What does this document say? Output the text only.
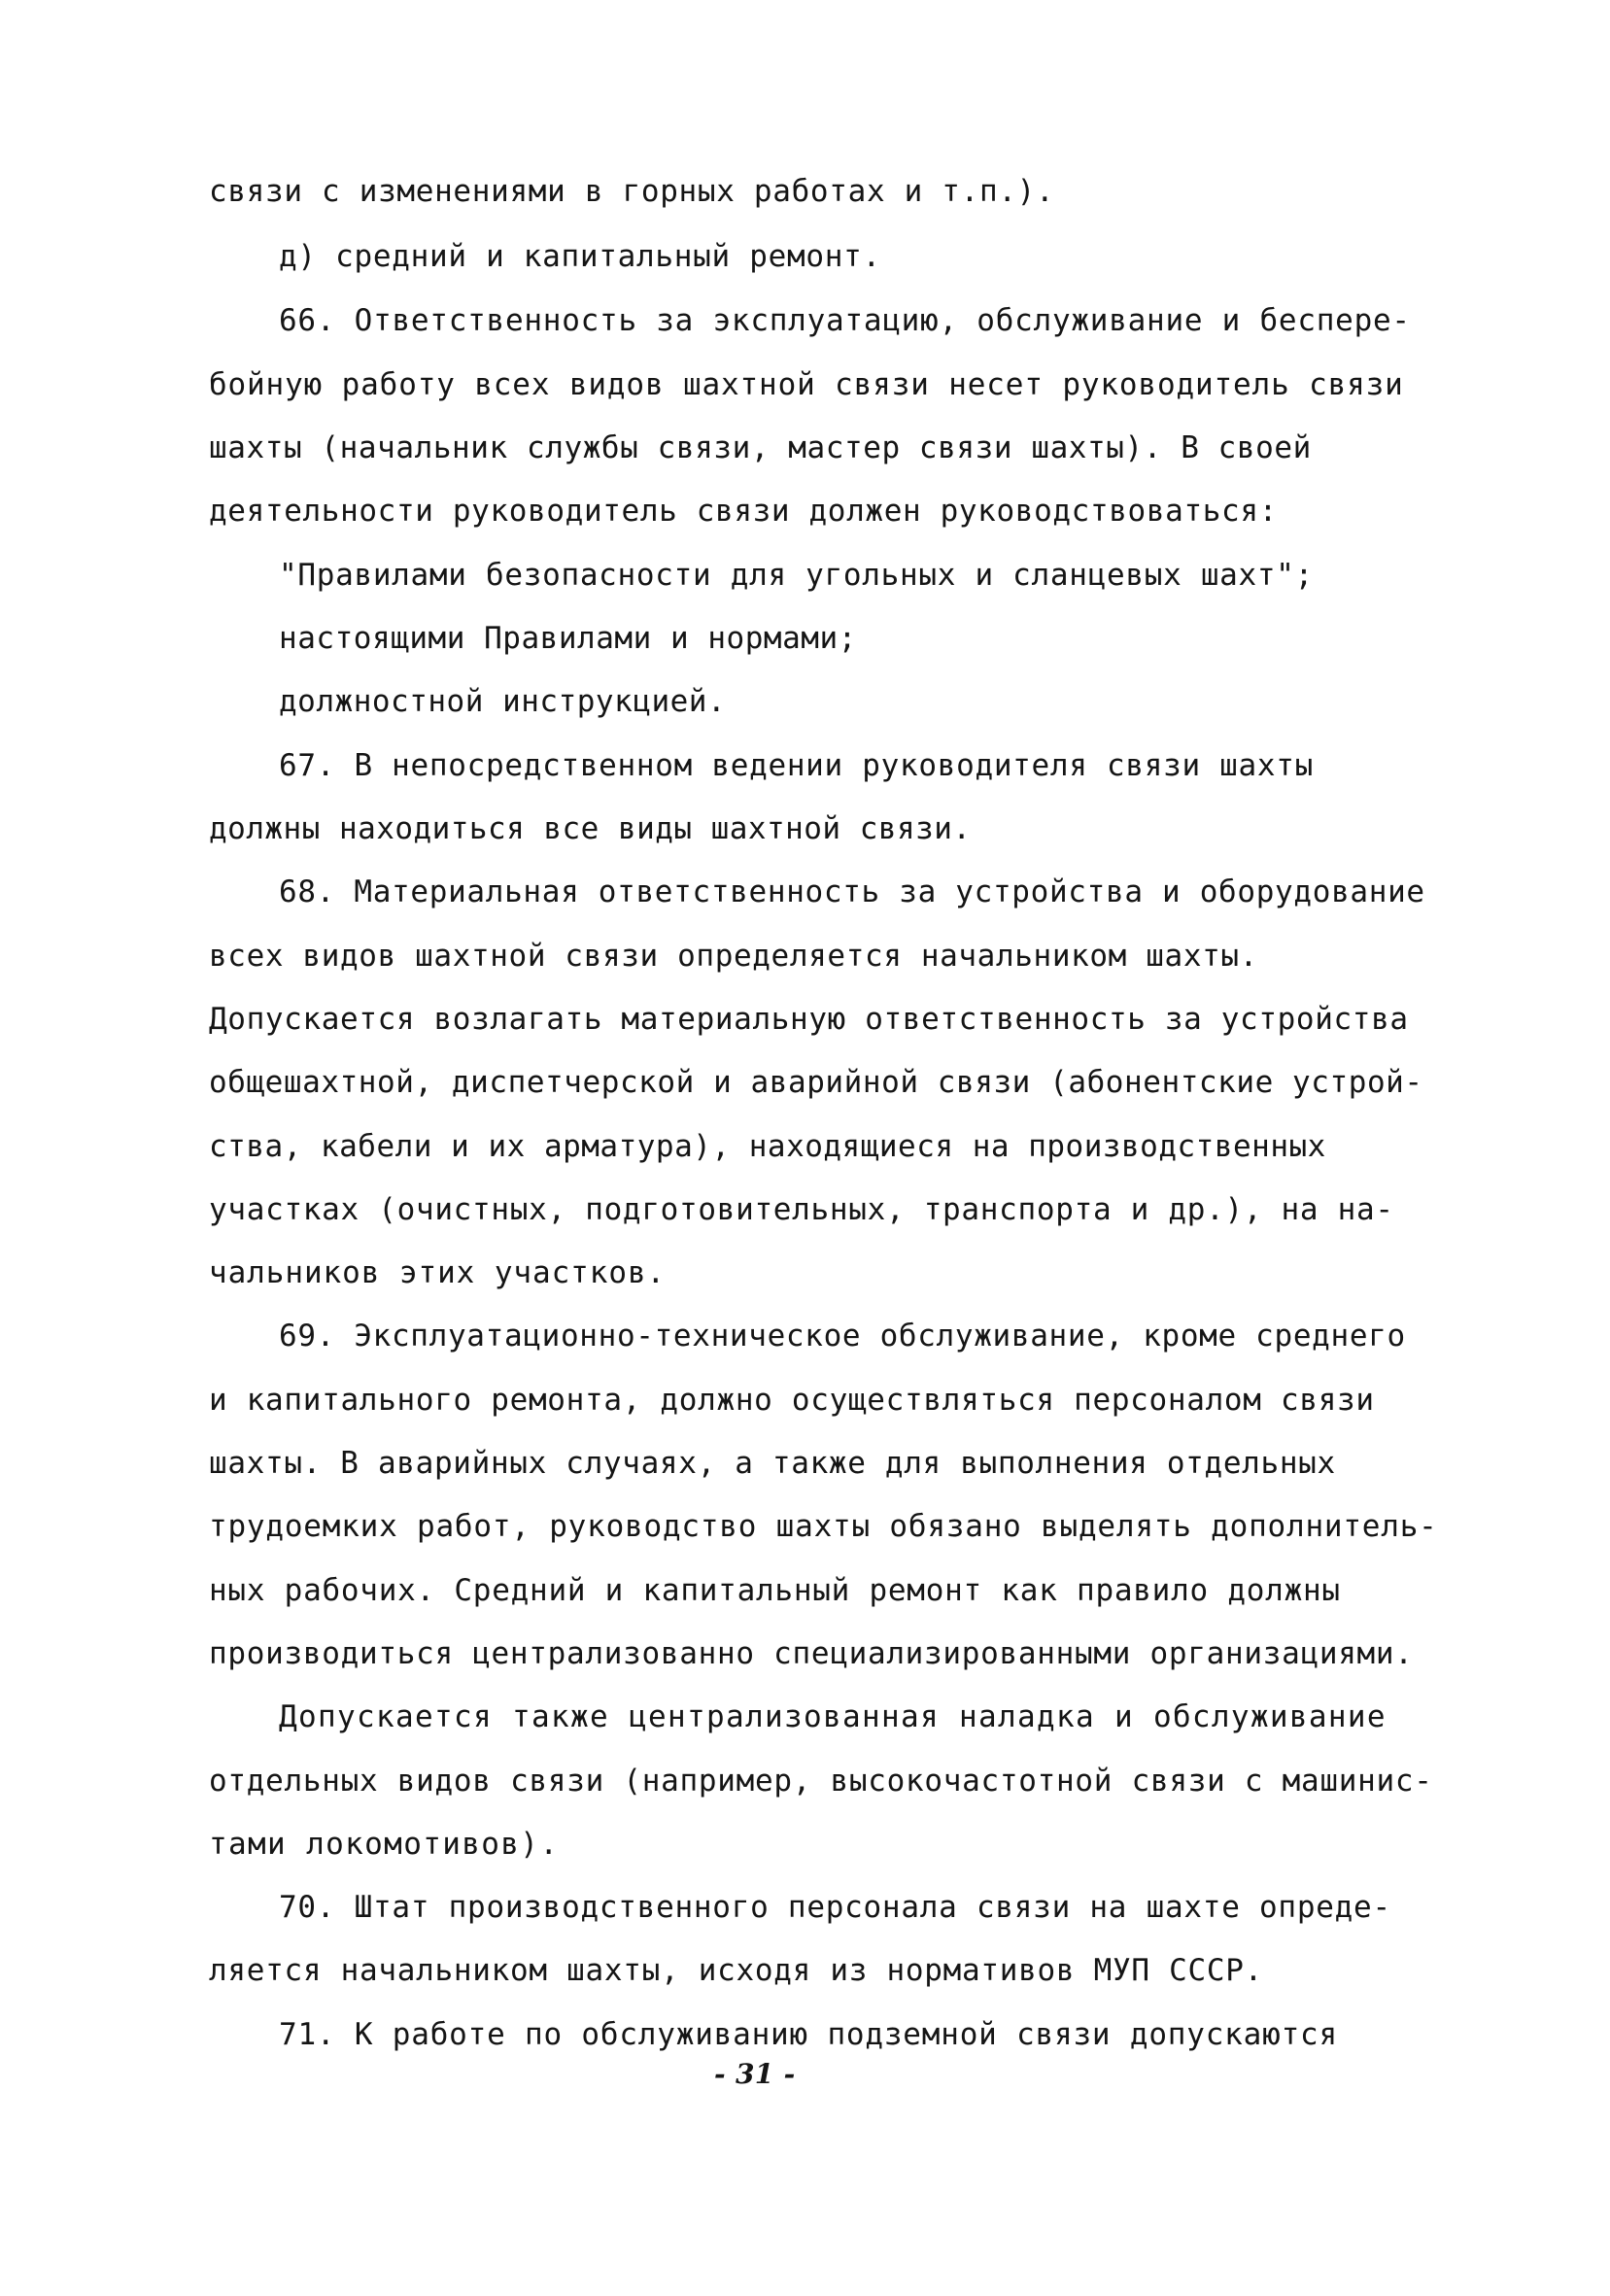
связи с изменениями в горных работах и т.п.).
д) средний и капитальный ремонт.
66. Ответственность за эксплуатацию, обслуживание и беспере-
бойную работу всех видов шахтной связи несет руководитель связи
шахты (начальник службы связи, мастер связи шахты). В своей
деятельности руководитель связи должен руководствоваться:
"Правилами безопасности для угольных и сланцевых шахт";
настоящими Правилами и нормами;
должностной инструкцией.
67. В непосредственном ведении руководителя связи шахты
должны находиться все виды шахтной связи.
68. Материальная ответственность за устройства и оборудование
всех видов шахтной связи определяется начальником шахты.
Допускается возлагать материальную ответственность за устройства
общешахтной, диспетчерской и аварийной связи (абонентские устрой-
ства, кабели и их арматура), находящиеся на производственных
участках (очистных, подготовительных, транспорта и др.), на на-
чальников этих участков.
69. Эксплуатационно-техническое обслуживание, кроме среднего
и капитального ремонта, должно осуществляться персоналом связи
шахты. В аварийных случаях, а также для выполнения отдельных
трудоемких работ, руководство шахты обязано выделять дополнитель-
ных рабочих. Средний и капитальный ремонт как правило должны
производиться централизованно специализированными организациями.
Допускается также централизованная наладка и обслуживание
отдельных видов связи (например, высокочастотной связи с машинис-
тами локомотивов).
70. Штат производственного персонала связи на шахте опреде-
ляется начальником шахты, исходя из нормативов МУП СССР.
71. К работе по обслуживанию подземной связи допускаются
- 31 -
